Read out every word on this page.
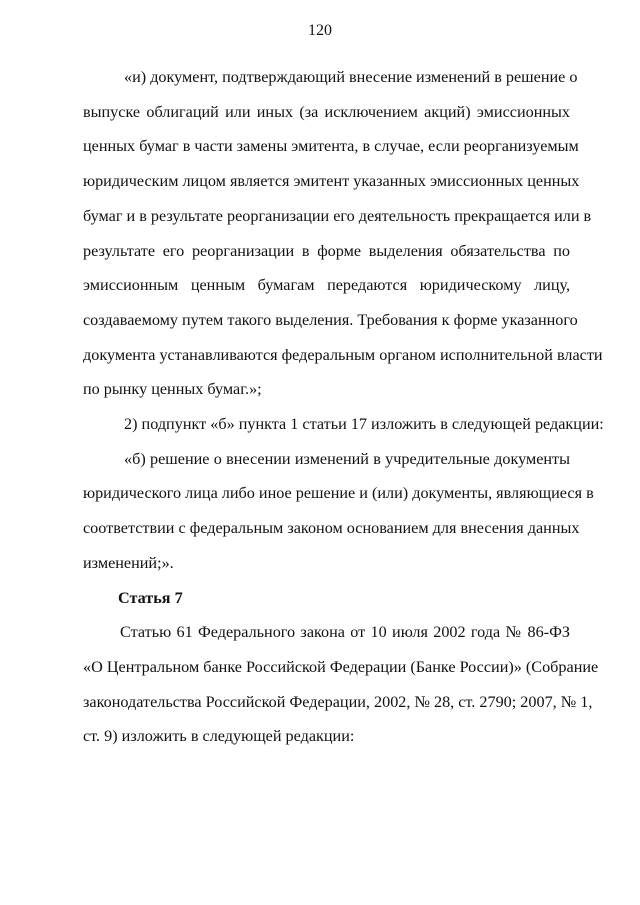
120

«и) документ, подтверждающий внесение изменений в решение о
выпуске облигаций или иных (за исключением акций) эмиссионных
ценных бумаг в части замены эмитента, в случае, если реорганизуемым
юридическим лицом является эмитент указанных эмиссионных ценных
бумаг и в результате реорганизации его деятельность прекращается или в
результате его реорганизации в форме выделения обязательства по
эмиссионным ценным бумагам передаются юридическому лицу,
создаваемому путем такого выделения. Требования к форме указанного
документа устанавливаются федеральным органом исполнительной власти
по рынку ценных бумаг.»;

2) подпункт «б» пункта 1 статьи 17 изложить в следующей редакции:

«б) решение о внесении изменений в учредительные документы
юридического лица либо иное решение и (или) документы, являющиеся в
соответствии с федеральным законом основанием для внесения данных
изменений;».

Статья 7

Статью 61 Федерального закона от 10 июля 2002 года № 86-ФЗ
«О Центральном банке Российской Федерации (Банке России)» (Собрание
законодательства Российской Федерации, 2002, № 28, ст. 2790; 2007, № 1,
ст. 9) изложить в следующей редакции:
